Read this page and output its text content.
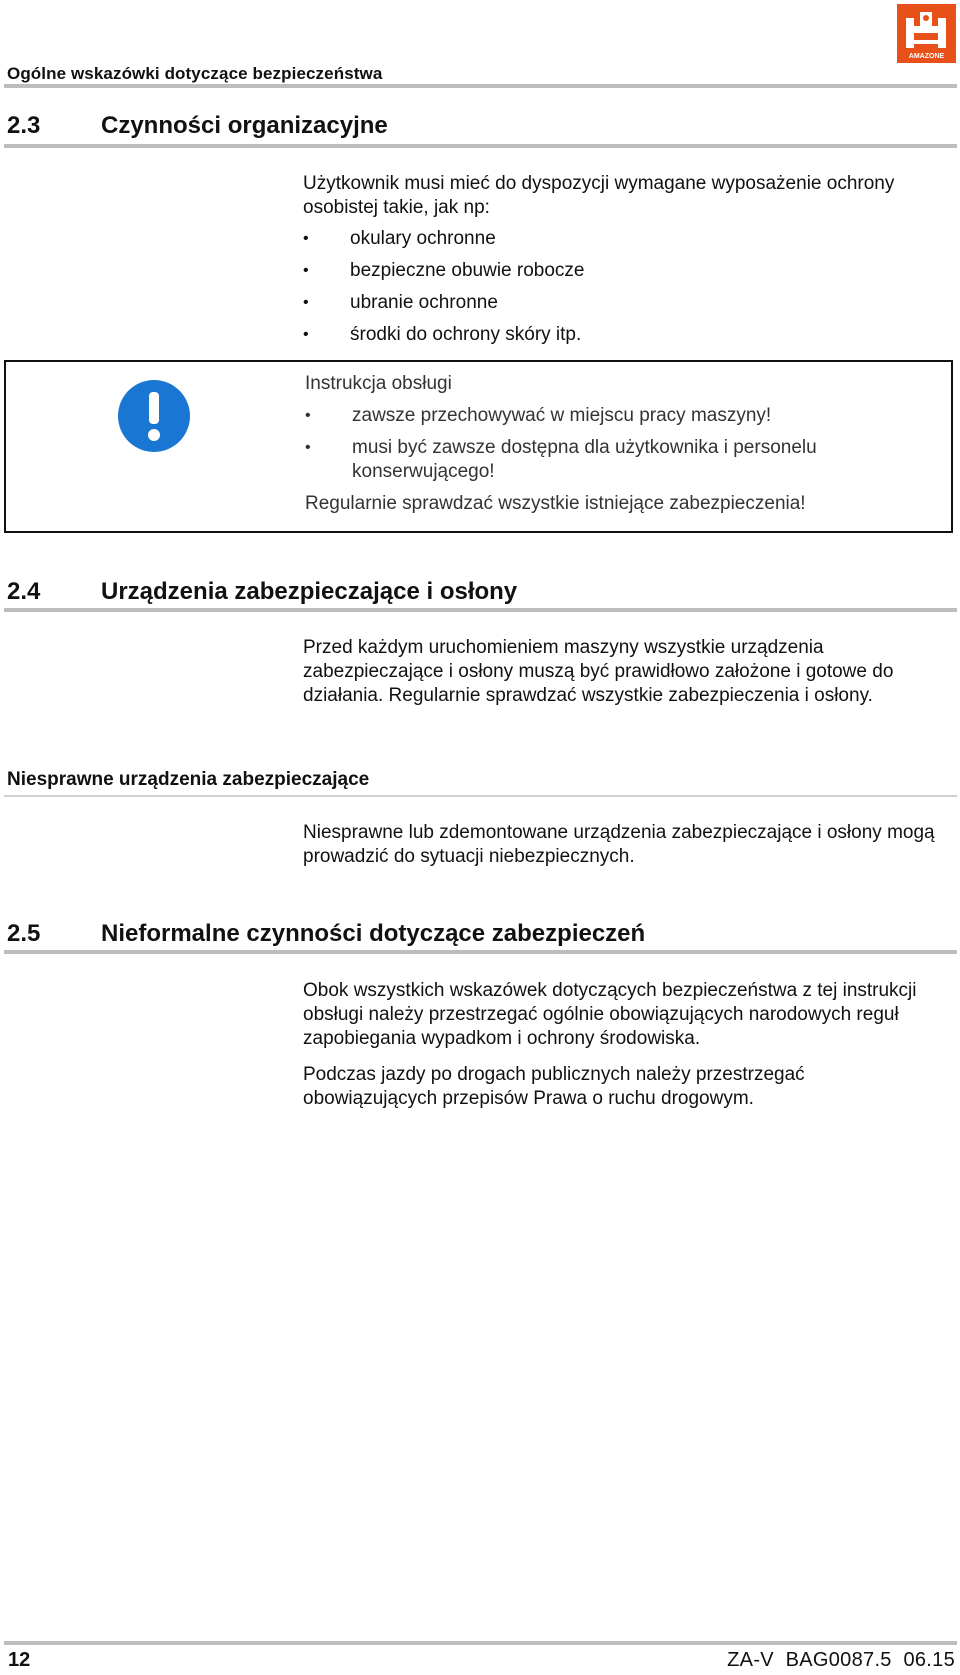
Ogólne wskazówki dotyczące bezpieczeństwa
AMAZONE
2.3	Czynności organizacyjne

Użytkownik musi mieć do dyspozycji wymagane wyposażenie ochrony osobistej takie, jak np:

• okulary ochronne
• bezpieczne obuwie robocze
• ubranie ochronne
• środki do ochrony skóry itp.

Instrukcja obsługi

• zawsze przechowywać w miejscu pracy maszyny!
• musi być zawsze dostępna dla użytkownika i personelu konserwującego!

Regularnie sprawdzać wszystkie istniejące zabezpieczenia!

2.4	Urządzenia zabezpieczające i osłony

Przed każdym uruchomieniem maszyny wszystkie urządzenia zabezpieczające i osłony muszą być prawidłowo założone i gotowe do działania. Regularnie sprawdzać wszystkie zabezpieczenia i osłony.

Niesprawne urządzenia zabezpieczające

Niesprawne lub zdemontowane urządzenia zabezpieczające i osłony mogą prowadzić do sytuacji niebezpiecznych.

2.5	Nieformalne czynności dotyczące zabezpieczeń

Obok wszystkich wskazówek dotyczących bezpieczeństwa z tej instrukcji obsługi należy przestrzegać ogólnie obowiązujących narodowych reguł zapobiegania wypadkom i ochrony środowiska.

Podczas jazdy po drogach publicznych należy przestrzegać obowiązujących przepisów Prawa o ruchu drogowym.

12	ZA-V  BAG0087.5  06.15
